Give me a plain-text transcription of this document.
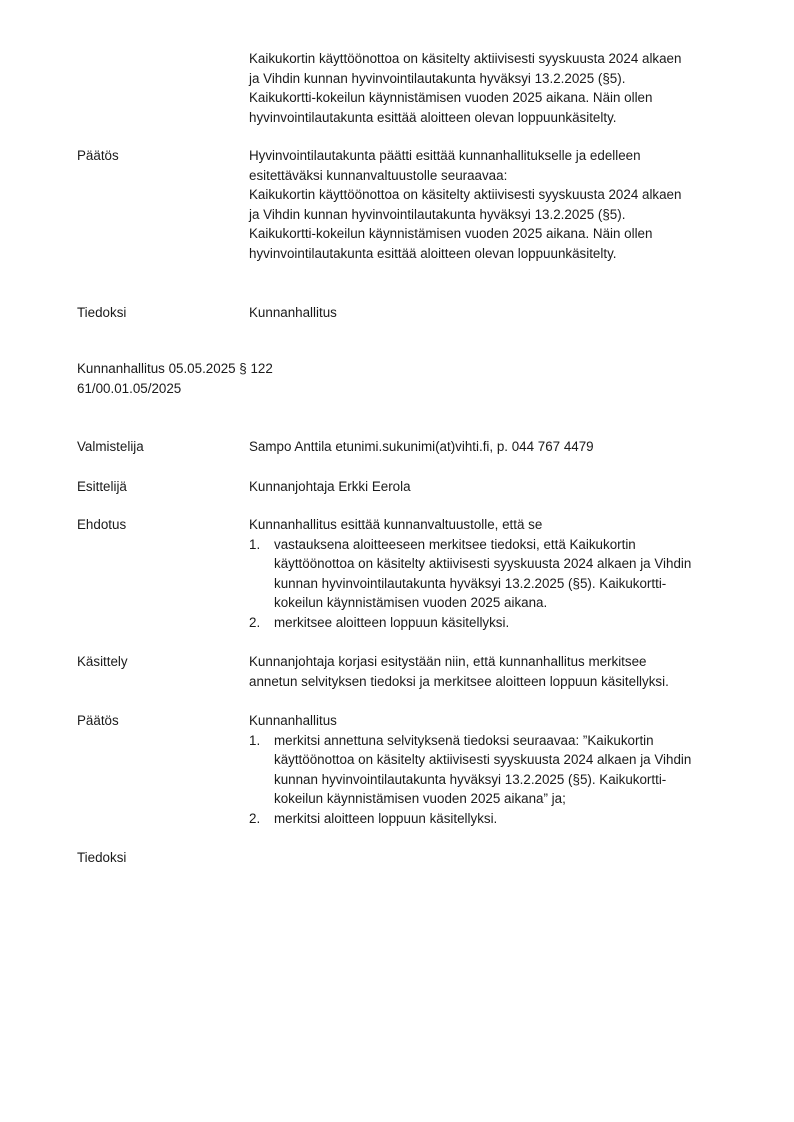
Kaikukortin käyttöönottoa on käsitelty aktiivisesti syyskuusta 2024 alkaen
ja Vihdin kunnan hyvinvointilautakunta hyväksyi 13.2.2025 (§5).
Kaikukortti-kokeilun käynnistämisen vuoden 2025 aikana. Näin ollen
hyvinvointilautakunta esittää aloitteen olevan loppuunkäsitelty.
Päätös	Hyvinvointilautakunta päätti esittää kunnanhallitukselle ja edelleen
esitettäväksi kunnanvaltuustolle seuraavaa:
Kaikukortin käyttöönottoa on käsitelty aktiivisesti syyskuusta 2024 alkaen
ja Vihdin kunnan hyvinvointilautakunta hyväksyi 13.2.2025 (§5).
Kaikukortti-kokeilun käynnistämisen vuoden 2025 aikana. Näin ollen
hyvinvointilautakunta esittää aloitteen olevan loppuunkäsitelty.
Tiedoksi	Kunnanhallitus
Kunnanhallitus 05.05.2025 § 122
61/00.01.05/2025
Valmistelija	Sampo Anttila etunimi.sukunimi(at)vihti.fi, p. 044 767 4479
Esittelijä	Kunnanjohtaja Erkki Eerola
Ehdotus	Kunnanhallitus esittää kunnanvaltuustolle, että se
1. vastauksena aloitteeseen merkitsee tiedoksi, että Kaikukortin
käyttöönottoa on käsitelty aktiivisesti syyskuusta 2024 alkaen ja Vihdin
kunnan hyvinvointilautakunta hyväksyi 13.2.2025 (§5). Kaikukortti-
kokeilun käynnistämisen vuoden 2025 aikana.
2. merkitsee aloitteen loppuun käsitellyksi.
Käsittely	Kunnanjohtaja korjasi esitystään niin, että kunnanhallitus merkitsee
annetun selvityksen tiedoksi ja merkitsee aloitteen loppuun käsitellyksi.
Päätös	Kunnanhallitus
1. merkitsi annettuna selvityksenä tiedoksi seuraavaa: ”Kaikukortin
käyttöönottoa on käsitelty aktiivisesti syyskuusta 2024 alkaen ja Vihdin
kunnan hyvinvointilautakunta hyväksyi 13.2.2025 (§5). Kaikukortti-
kokeilun käynnistämisen vuoden 2025 aikana” ja;
2. merkitsi aloitteen loppuun käsitellyksi.
Tiedoksi
